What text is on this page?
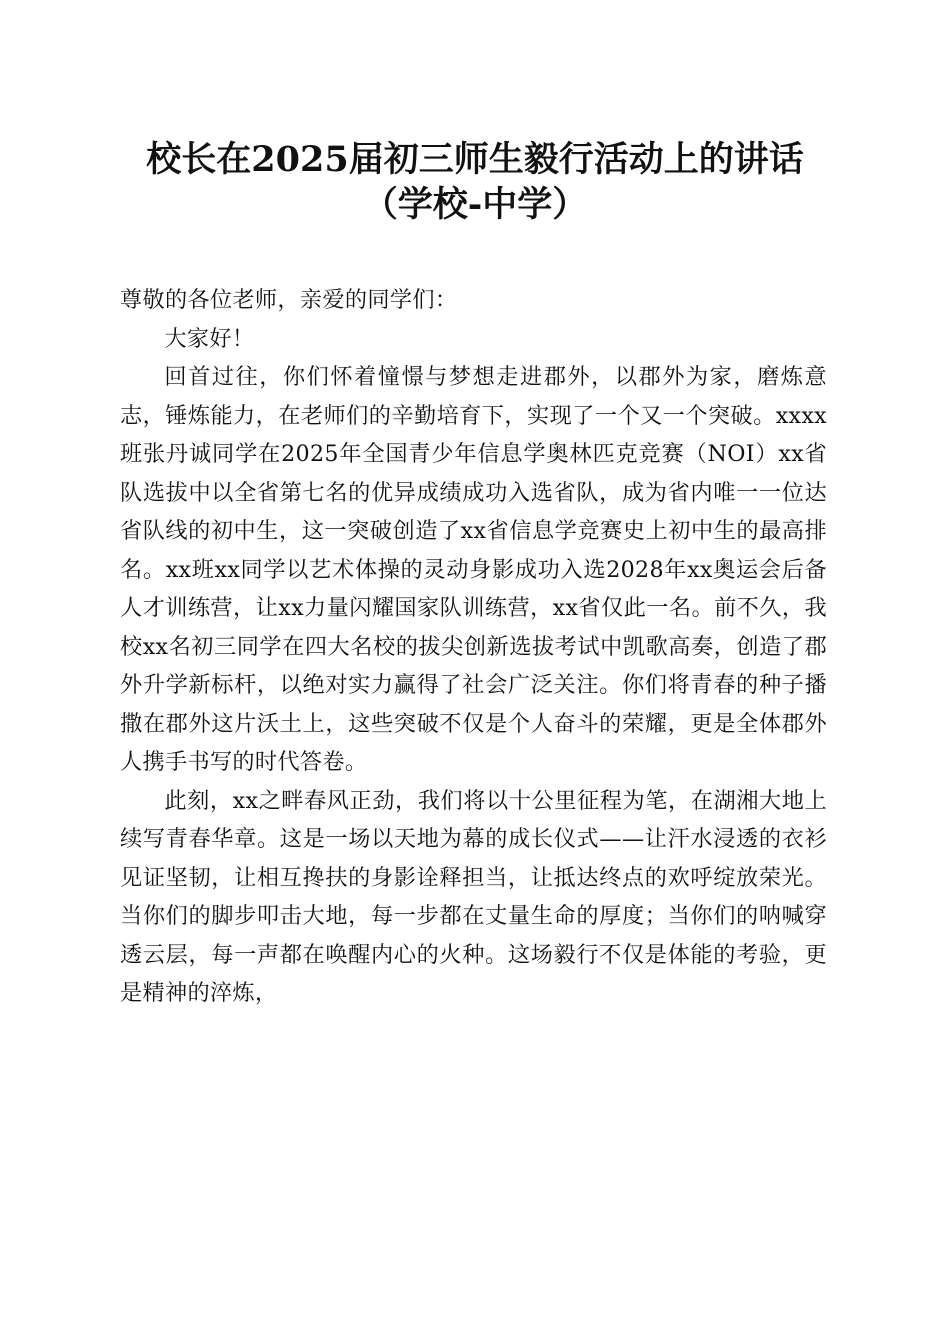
校长在2025届初三师生毅行活动上的讲话
（学校-中学）

尊敬的各位老师，亲爱的同学们：

大家好！

回首过往，你们怀着憧憬与梦想走进郡外，以郡外为家，磨炼意志，锤炼能力，在老师们的辛勤培育下，实现了一个又一个突破。xxxx班张丹诚同学在2025年全国青少年信息学奥林匹克竞赛（NOI）xx省队选拔中以全省第七名的优异成绩成功入选省队，成为省内唯一一位达省队线的初中生，这一突破创造了xx省信息学竞赛史上初中生的最高排名。xx班xx同学以艺术体操的灵动身影成功入选2028年xx奥运会后备人才训练营，让xx力量闪耀国家队训练营，xx省仅此一名。前不久，我校xx名初三同学在四大名校的拔尖创新选拔考试中凯歌高奏，创造了郡外升学新标杆，以绝对实力赢得了社会广泛关注。你们将青春的种子播撒在郡外这片沃土上，这些突破不仅是个人奋斗的荣耀，更是全体郡外人携手书写的时代答卷。

此刻，xx之畔春风正劲，我们将以十公里征程为笔，在湖湘大地上续写青春华章。这是一场以天地为幕的成长仪式——让汗水浸透的衣衫见证坚韧，让相互搀扶的身影诠释担当，让抵达终点的欢呼绽放荣光。当你们的脚步叩击大地，每一步都在丈量生命的厚度；当你们的呐喊穿透云层，每一声都在唤醒内心的火种。这场毅行不仅是体能的考验，更是精神的淬炼，
